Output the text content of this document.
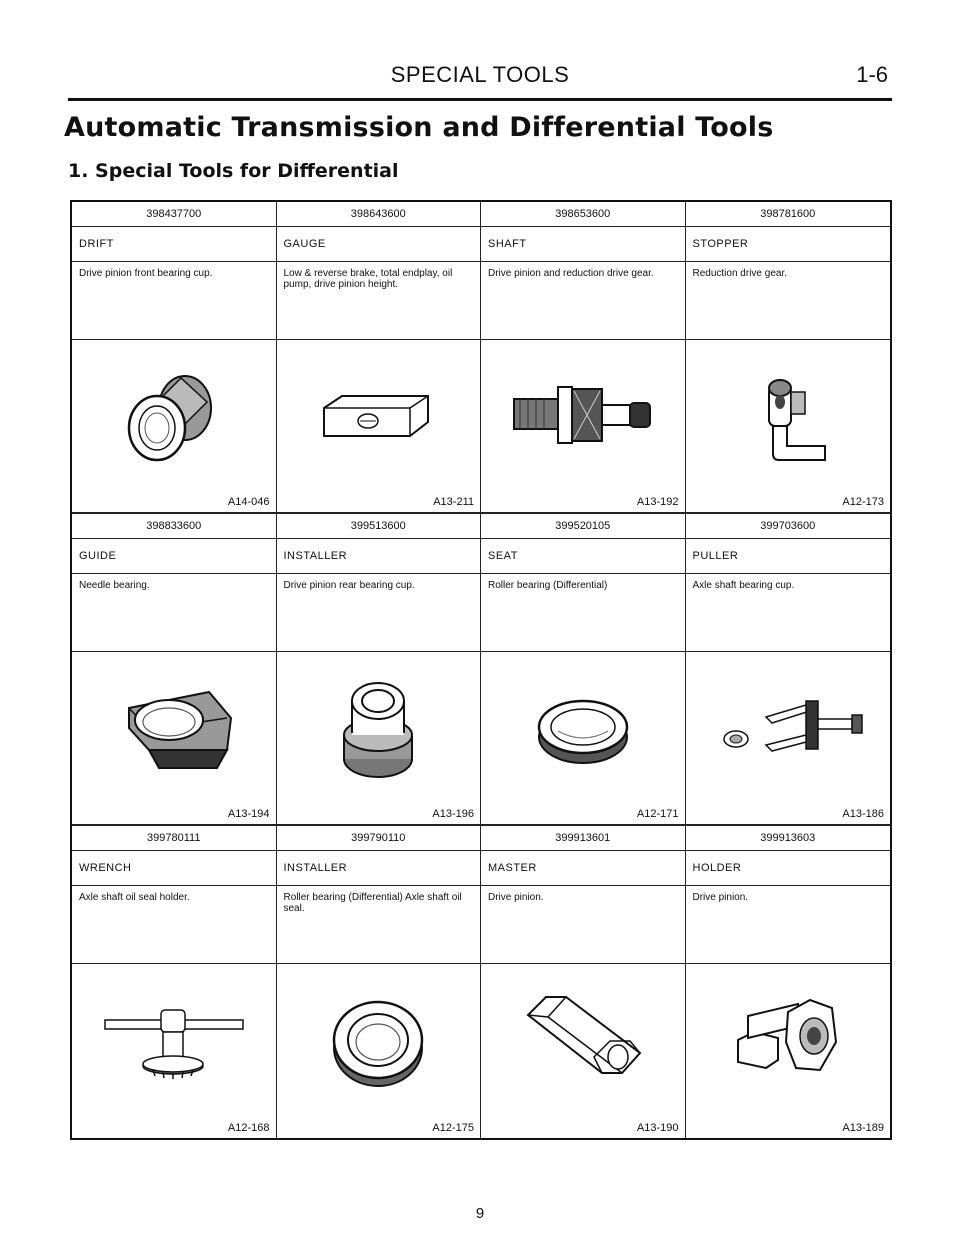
SPECIAL TOOLS	1-6
Automatic Transmission and Differential Tools
1. Special Tools for Differential
398437700
DRIFT
Drive pinion front bearing cup.
A14-046
398643600
GAUGE
Low & reverse brake, total endplay, oil pump, drive pinion height.
A13-211
398653600
SHAFT
Drive pinion and reduction drive gear.
A13-192
398781600
STOPPER
Reduction drive gear.
A12-173
398833600
GUIDE
Needle bearing.
A13-194
399513600
INSTALLER
Drive pinion rear bearing cup.
A13-196
399520105
SEAT
Roller bearing (Differential)
A12-171
399703600
PULLER
Axle shaft bearing cup.
A13-186
399780111
WRENCH
Axle shaft oil seal holder.
A12-168
399790110
INSTALLER
Roller bearing (Differential) Axle shaft oil seal.
A12-175
399913601
MASTER
Drive pinion.
A13-190
399913603
HOLDER
Drive pinion.
A13-189
9
